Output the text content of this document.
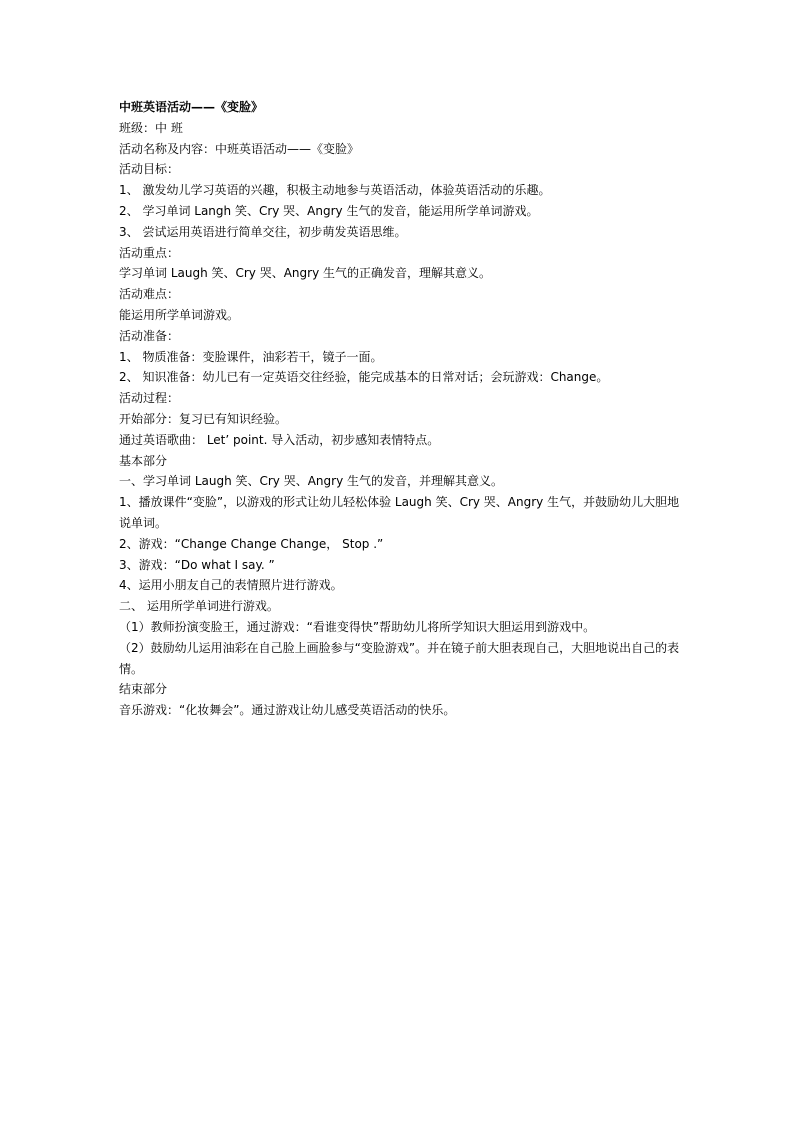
中班英语活动——《变脸》
班级：中 班
活动名称及内容：中班英语活动——《变脸》
活动目标：
1、 激发幼儿学习英语的兴趣，积极主动地参与英语活动，体验英语活动的乐趣。
2、 学习单词 Langh 笑、Cry 哭、Angry 生气的发音，能运用所学单词游戏。
3、 尝试运用英语进行简单交往，初步萌发英语思维。
活动重点：
学习单词 Laugh 笑、Cry 哭、Angry 生气的正确发音，理解其意义。
活动难点：
能运用所学单词游戏。
活动准备：
1、 物质准备：变脸课件，油彩若干，镜子一面。
2、 知识准备：幼儿已有一定英语交往经验，能完成基本的日常对话；会玩游戏：Change。
活动过程：
开始部分：复习已有知识经验。
通过英语歌曲： Let’ point. 导入活动，初步感知表情特点。
基本部分
一、学习单词 Laugh 笑、Cry 哭、Angry 生气的发音，并理解其意义。
1、播放课件“变脸”，以游戏的形式让幼儿轻松体验 Laugh 笑、Cry 哭、Angry 生气，并鼓励幼儿大胆地说单词。
2、游戏：“Change Change Change， Stop .”
3、游戏：“Do what I say. ”
4、运用小朋友自己的表情照片进行游戏。
二、 运用所学单词进行游戏。
（1）教师扮演变脸王，通过游戏：“看谁变得快”帮助幼儿将所学知识大胆运用到游戏中。
（2）鼓励幼儿运用油彩在自己脸上画脸参与“变脸游戏”。并在镜子前大胆表现自己，大胆地说出自己的表情。
结束部分
音乐游戏：“化妆舞会”。通过游戏让幼儿感受英语活动的快乐。
